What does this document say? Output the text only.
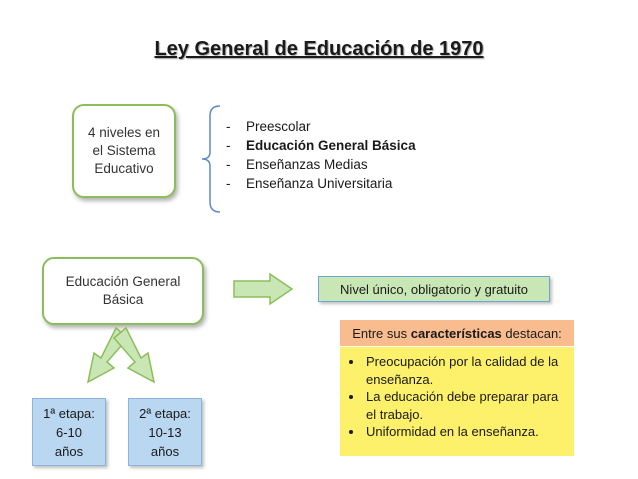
Ley General de Educación de 1970
4 niveles en
el Sistema
Educativo
-	Preescolar
-	Educación General Básica
-	Enseñanzas Medias
-	Enseñanza Universitaria
Educación General
Básica
Nivel único, obligatorio y gratuito
Entre sus características destacan:
• Preocupación por la calidad de la enseñanza.
• La educación debe preparar para el trabajo.
• Uniformidad en la enseñanza.
1ª etapa:
6-10
años
2ª etapa:
10-13
años
